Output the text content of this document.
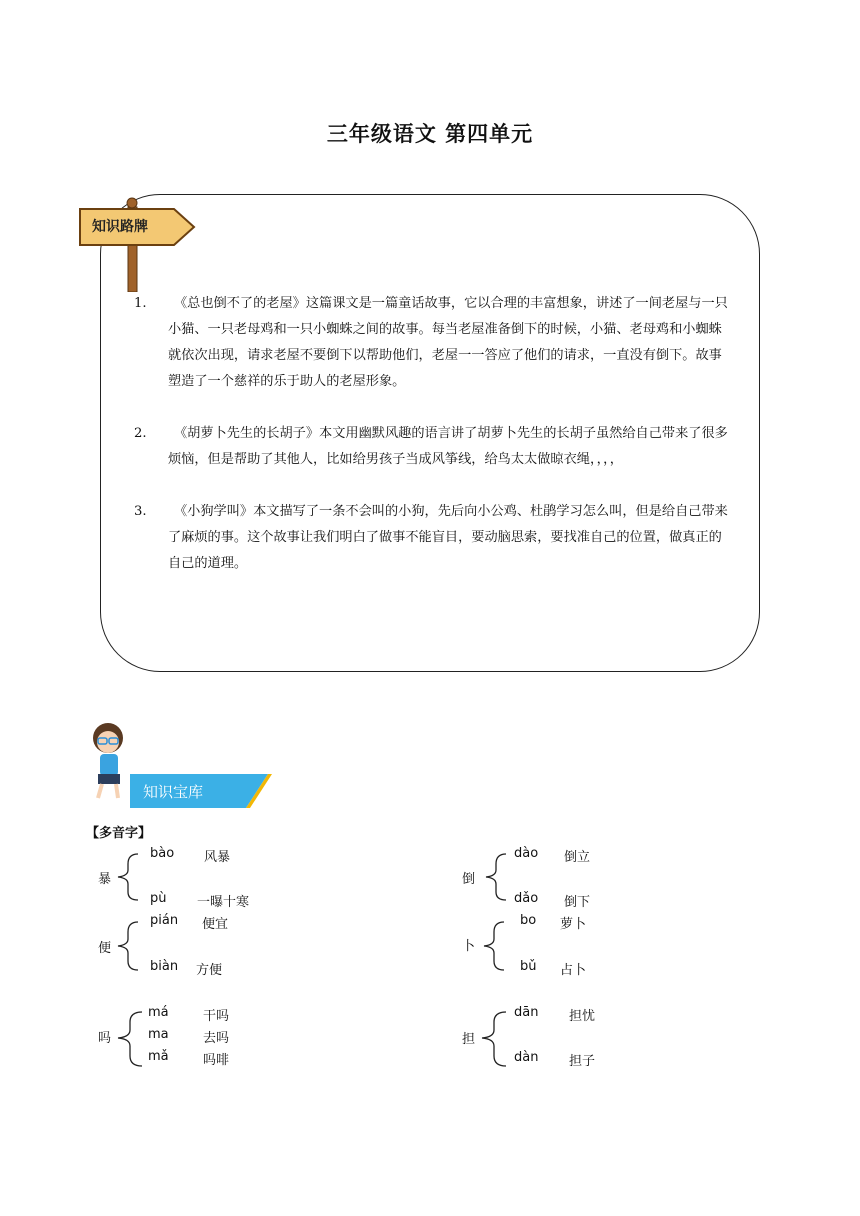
三年级语文 第四单元
知识路牌
1.	《总也倒不了的老屋》这篇课文是一篇童话故事，它以合理的丰富想象，讲述了一间老屋与一只小猫、一只老母鸡和一只小蜘蛛之间的故事。每当老屋准备倒下的时候，小猫、老母鸡和小蜘蛛就依次出现，请求老屋不要倒下以帮助他们，老屋一一答应了他们的请求，一直没有倒下。故事塑造了一个慈祥的乐于助人的老屋形象。
2.	《胡萝卜先生的长胡子》本文用幽默风趣的语言讲了胡萝卜先生的长胡子虽然给自己带来了很多烦恼，但是帮助了其他人，比如给男孩子当成风筝线，给鸟太太做晾衣绳，，，，
3.	《小狗学叫》本文描写了一条不会叫的小狗，先后向小公鸡、杜鹃学习怎么叫，但是给自己带来了麻烦的事。这个故事让我们明白了做事不能盲目，要动脑思索，要找准自己的位置，做真正的自己的道理。
知识宝库
【多音字】
暴
bào 风暴
pù 一曝十寒
倒
dào 倒立
dǎo 倒下
便
pián 便宜
biàn 方便
卜
bo 萝卜
bǔ 占卜
吗
má	干吗
ma	去吗
mǎ	吗啡
担
dān 担忧
dàn 担子
